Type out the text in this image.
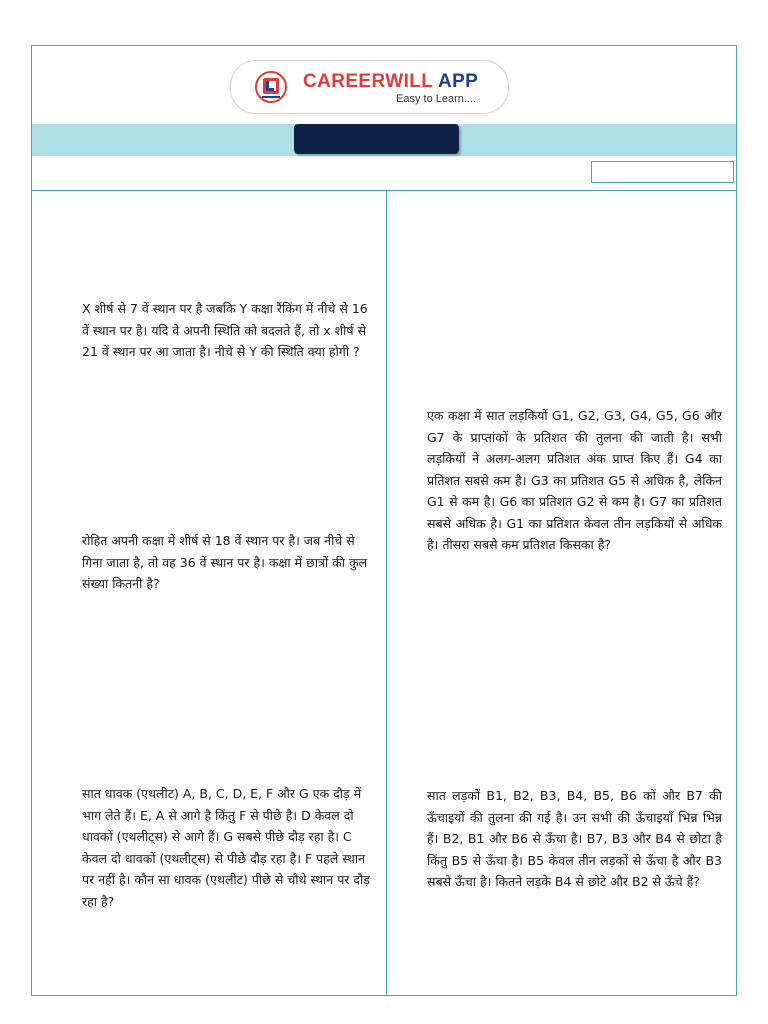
CAREERWILL APP
Easy to Learn....

X शीर्ष से 7 वें स्थान पर है जबकि Y कक्षा रैंकिंग में नीचे से 16 वें स्थान पर है। यदि वे अपनी स्थिति को बदलते हैं, तो x शीर्ष से 21 वें स्थान पर आ जाता है। नीचे से Y की स्थिति क्या होगी ?

एक कक्षा में सात लड़कियों G1, G2, G3, G4, G5, G6 और G7 के प्राप्तांकों के प्रतिशत की तुलना की जाती है। सभी लड़कियों ने अलग-अलग प्रतिशत अंक प्राप्त किए हैं। G4 का प्रतिशत सबसे कम है। G3 का प्रतिशत G5 से अधिक है, लेकिन G1 से कम है। G6 का प्रतिशत G2 से कम है। G7 का प्रतिशत सबसे अधिक है। G1 का प्रतिशत केवल तीन लड़कियों से अधिक है। तीसरा सबसे कम प्रतिशत किसका है?

रोहित अपनी कक्षा में शीर्ष से 18 वें स्थान पर है। जब नीचे से गिना जाता है, तो वह 36 वें स्थान पर है। कक्षा में छात्रों की कुल संख्या कितनी है?

सात धावक (एथलीट) A, B, C, D, E, F और G एक दौड़ में भाग लेते हैं। E, A से आगे है किंतु F से पीछे है। D केवल दो धावकों (एथलीट्स) से आगे हैं। G सबसे पीछे दौड़ रहा है। C केवल दो धावकों (एथलीट्स) से पीछे दौड़ रहा है। F पहले स्थान पर नहीं है। कौन सा धावक (एथलीट) पीछे से चौथे स्थान पर दौड़ रहा है?

सात लड़कों B1, B2, B3, B4, B5, B6 कों और B7 की ऊँचाइयों की तुलना की गई है। उन सभी की ऊँचाइयाँ भिन्न भिन्न हैं। B2, B1 और B6 से ऊँचा है। B7, B3 और B4 से छोटा है किंतु B5 से ऊँचा है। B5 केवल तीन लड़कों से ऊँचा है और B3 सबसे ऊँचा है। कितने लड़के B4 से छोटे और B2 से ऊँचे हैं?
